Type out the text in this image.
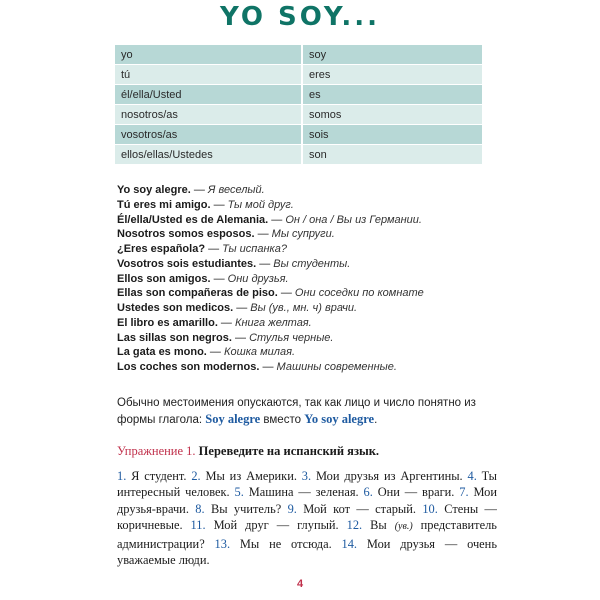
YO SOY...
yo	soy
tú	eres
él/ella/Usted	es
nosotros/as	somos
vosotros/as	sois
ellos/ellas/Ustedes	son
Yo soy alegre. — Я веселый.
Tú eres mi amigo. — Ты мой друг.
Él/ella/Usted es de Alemania. — Он / она / Вы из Германии.
Nosotros somos esposos. — Мы супруги.
¿Eres española? — Ты испанка?
Vosotros sois estudiantes. — Вы студенты.
Ellos son amigos. — Они друзья.
Ellas son compañeras de piso. — Они соседки по комнате
Ustedes son medicos. — Вы (ув., мн. ч) врачи.
El libro es amarillo. — Книга желтая.
Las sillas son negros. — Стулья черные.
La gata es mono. — Кошка милая.
Los coches son modernos. — Машины современные.
Обычно местоимения опускаются, так как лицо и число понятно из формы глагола: Soy alegre вместо Yo soy alegre.
Упражнение 1. Переведите на испанский язык.
1. Я студент. 2. Мы из Америки. 3. Мои друзья из Аргентины. 4. Ты интересный человек. 5. Машина — зеленая. 6. Они — враги. 7. Мои друзья-врачи. 8. Вы учитель? 9. Мой кот — старый. 10. Стены — коричневые. 11. Мой друг — глупый. 12. Вы (ув.) представитель администрации? 13. Мы не отсюда. 14. Мои друзья — очень уважаемые люди.
4
